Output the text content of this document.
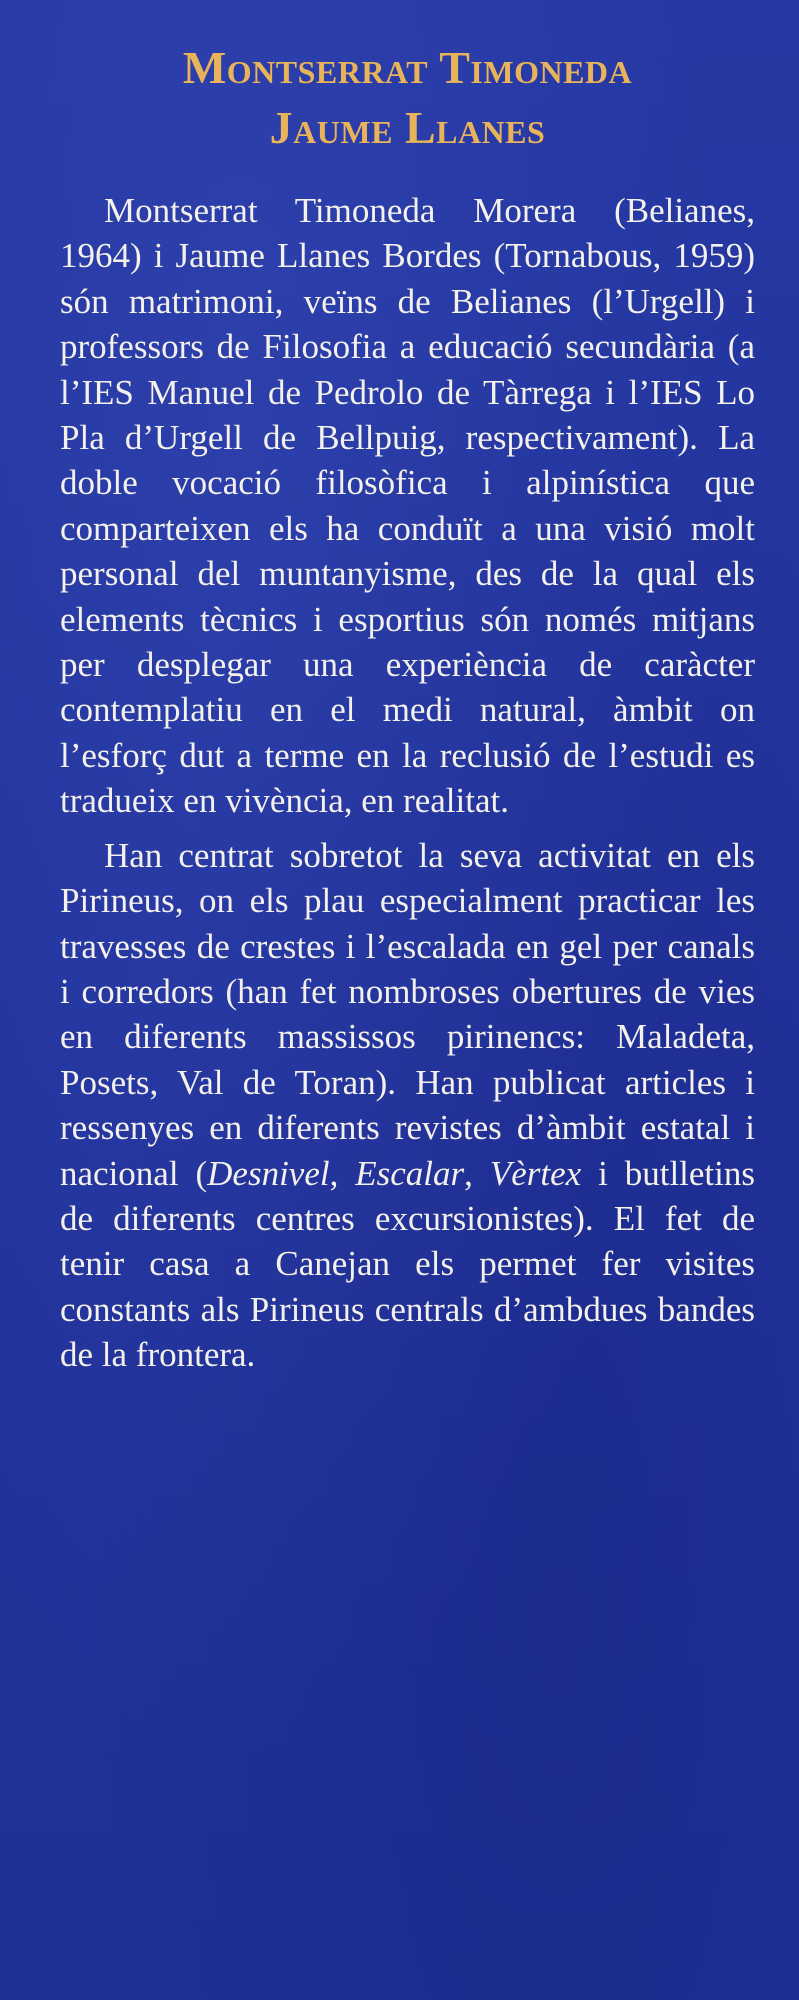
Montserrat Timoneda
Jaume Llanes

Montserrat Timoneda Morera (Belianes, 1964) i Jaume Llanes Bordes (Tornabous, 1959) són matrimoni, veïns de Belianes (l’Urgell) i professors de Filosofia a educació secundària (a l’IES Manuel de Pedrolo de Tàrrega i l’IES Lo Pla d’Urgell de Bellpuig, respectivament). La doble vocació filosòfica i alpinística que comparteixen els ha conduït a una visió molt personal del muntanyisme, des de la qual els elements tècnics i esportius són només mitjans per desplegar una experiència de caràcter contemplatiu en el medi natural, àmbit on l’esforç dut a terme en la reclusió de l’estudi es tradueix en vivència, en realitat.

Han centrat sobretot la seva activitat en els Pirineus, on els plau especialment practicar les travesses de crestes i l’escalada en gel per canals i corredors (han fet nombroses obertures de vies en diferents massissos pirinencs: Maladeta, Posets, Val de Toran). Han publicat articles i ressenyes en diferents revistes d’àmbit estatal i nacional (Desnivel, Escalar, Vèrtex i butlletins de diferents centres excursionistes). El fet de tenir casa a Canejan els permet fer visites constants als Pirineus centrals d’ambdues bandes de la frontera.
